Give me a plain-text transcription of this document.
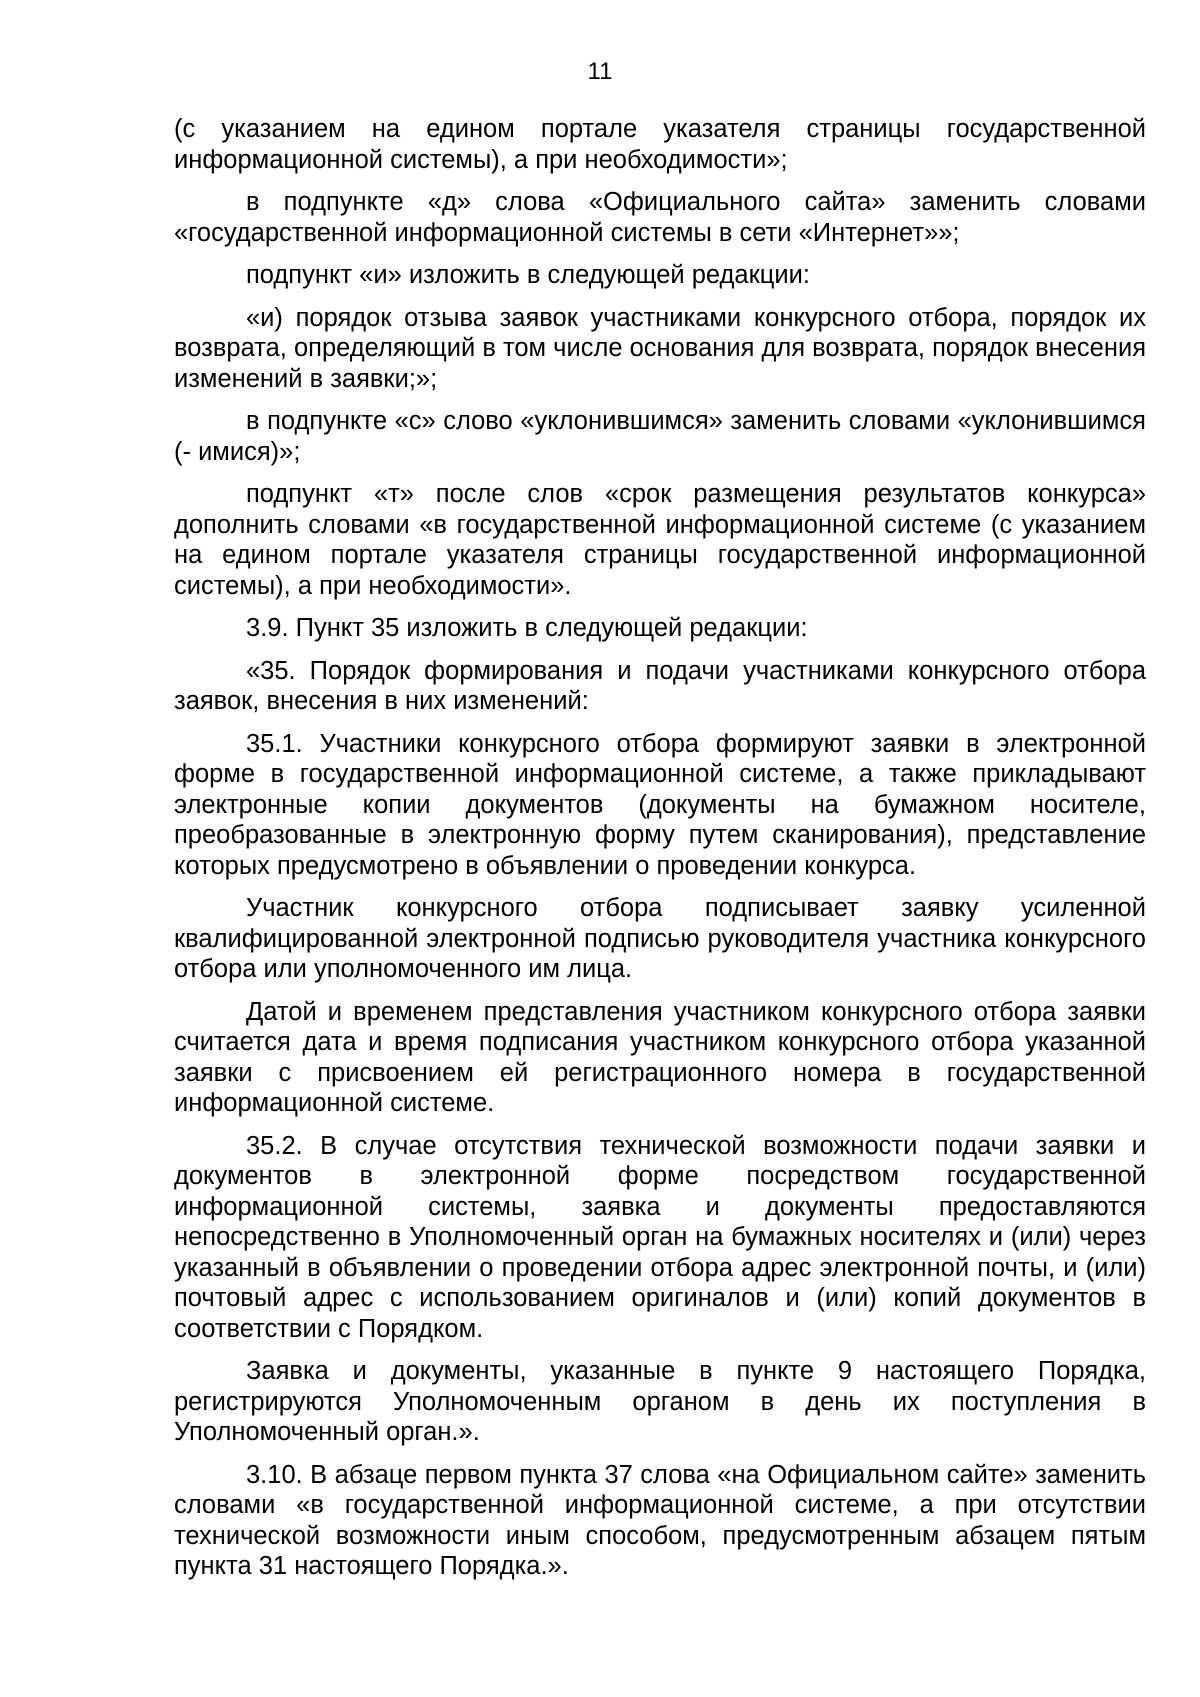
11

(с указанием на едином портале указателя страницы государственной информационной системы), а при необходимости»;

в подпункте «д» слова «Официального сайта» заменить словами «государственной информационной системы в сети «Интернет»»;

подпункт «и» изложить в следующей редакции:

«и) порядок отзыва заявок участниками конкурсного отбора, порядок их возврата, определяющий в том числе основания для возврата, порядок внесения изменений в заявки;»;

в подпункте «с» слово «уклонившимся» заменить словами «уклонившимся (- имися)»;

подпункт «т» после слов «срок размещения результатов конкурса» дополнить словами «в государственной информационной системе (с указанием на едином портале указателя страницы государственной информационной системы), а при необходимости».

3.9. Пункт 35 изложить в следующей редакции:

«35. Порядок формирования и подачи участниками конкурсного отбора заявок, внесения в них изменений:

35.1. Участники конкурсного отбора формируют заявки в электронной форме в государственной информационной системе, а также прикладывают электронные копии документов (документы на бумажном носителе, преобразованные в электронную форму путем сканирования), представление которых предусмотрено в объявлении о проведении конкурса.

Участник конкурсного отбора подписывает заявку усиленной квалифицированной электронной подписью руководителя участника конкурсного отбора или уполномоченного им лица.

Датой и временем представления участником конкурсного отбора заявки считается дата и время подписания участником конкурсного отбора указанной заявки с присвоением ей регистрационного номера в государственной информационной системе.

35.2. В случае отсутствия технической возможности подачи заявки и документов в электронной форме посредством государственной информационной системы, заявка и документы предоставляются непосредственно в Уполномоченный орган на бумажных носителях и (или) через указанный в объявлении о проведении отбора адрес электронной почты, и (или) почтовый адрес с использованием оригиналов и (или) копий документов в соответствии с Порядком.

Заявка и документы, указанные в пункте 9 настоящего Порядка, регистрируются Уполномоченным органом в день их поступления в Уполномоченный орган.».

3.10. В абзаце первом пункта 37 слова «на Официальном сайте» заменить словами «в государственной информационной системе, а при отсутствии технической возможности иным способом, предусмотренным абзацем пятым пункта 31 настоящего Порядка.».
